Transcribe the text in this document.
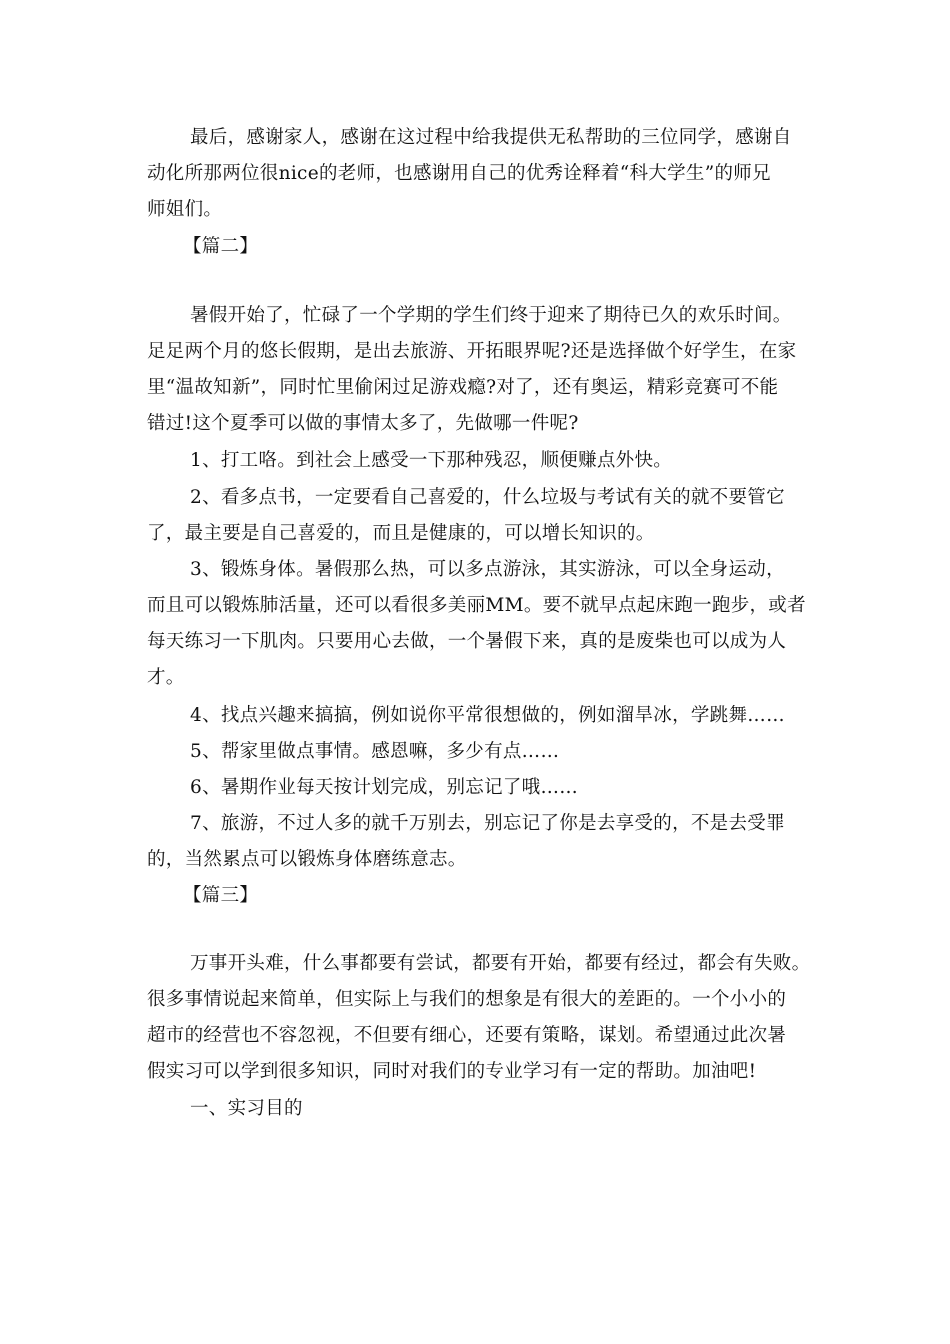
最后，感谢家人，感谢在这过程中给我提供无私帮助的三位同学，感谢自
动化所那两位很nice的老师，也感谢用自己的优秀诠释着“科大学生”的师兄
师姐们。
【篇二】
暑假开始了，忙碌了一个学期的学生们终于迎来了期待已久的欢乐时间。
足足两个月的悠长假期，是出去旅游、开拓眼界呢?还是选择做个好学生，在家
里“温故知新”，同时忙里偷闲过足游戏瘾?对了，还有奥运，精彩竞赛可不能
错过!这个夏季可以做的事情太多了，先做哪一件呢?
1、打工咯。到社会上感受一下那种残忍，顺便赚点外快。
2、看多点书，一定要看自己喜爱的，什么垃圾与考试有关的就不要管它
了，最主要是自己喜爱的，而且是健康的，可以增长知识的。
3、锻炼身体。暑假那么热，可以多点游泳，其实游泳，可以全身运动，
而且可以锻炼肺活量，还可以看很多美丽MM。要不就早点起床跑一跑步，或者
每天练习一下肌肉。只要用心去做，一个暑假下来，真的是废柴也可以成为人
才。
4、找点兴趣来搞搞，例如说你平常很想做的，例如溜旱冰，学跳舞……
5、帮家里做点事情。感恩嘛，多少有点……
6、暑期作业每天按计划完成，别忘记了哦……
7、旅游，不过人多的就千万别去，别忘记了你是去享受的，不是去受罪
的，当然累点可以锻炼身体磨练意志。
【篇三】
万事开头难，什么事都要有尝试，都要有开始，都要有经过，都会有失败。
很多事情说起来简单，但实际上与我们的想象是有很大的差距的。一个小小的
超市的经营也不容忽视，不但要有细心，还要有策略，谋划。希望通过此次暑
假实习可以学到很多知识，同时对我们的专业学习有一定的帮助。加油吧!
一、实习目的
